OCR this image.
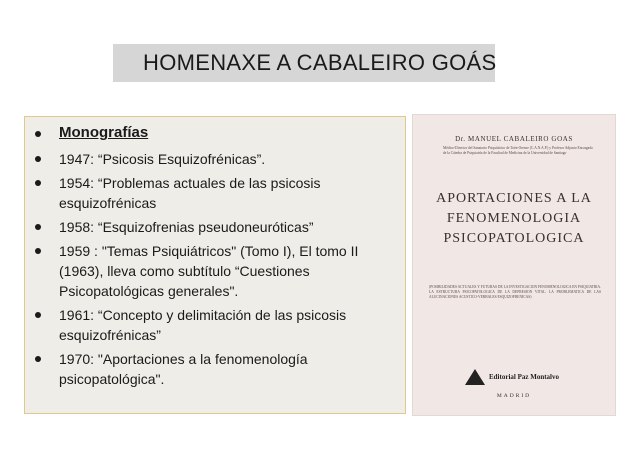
HOMENAXE A CABALEIRO GOÁS
Monografías
1947: “Psicosis Esquizofrénicas”.
1954: “Problemas actuales de las psicosis esquizofrénicas
1958: “Esquizofrenias pseudoneuróticas”
1959 : "Temas Psiquiátricos" (Tomo I), El tomo II (1963), lleva como subtítulo “Cuestiones Psicopatológicas generales".
1961: “Concepto y delimitación de las psicosis esquizofrénicas”
1970: "Aportaciones a la fenomenología psicopatológica".
Dr. MANUEL CABALEIRO GOAS
Médico-Director del Sanatorio Psiquiátrico de Toén-Orense (C.A.N.A.P.) y Profesor Adjunto Encargado de la Cátedra de Psiquiatría de la Facultad de Medicina de la Universidad de Santiago
APORTACIONES A LA
FENOMENOLOGIA
PSICOPATOLOGICA
(POSIBILIDADES ACTUALES Y FUTURAS DE LA INVESTIGACION FENOMENOLOGICA EN PSIQUIATRIA. LA ESTRUCTURA PSICOPATOLOGICA DE LA DEPRESION VITAL. LA PROBLEMATICA DE LAS ALUCINACIONES ACUSTICO-VERBALES ESQUIZOFRENICAS)
Editorial Paz Montalvo
MADRID
